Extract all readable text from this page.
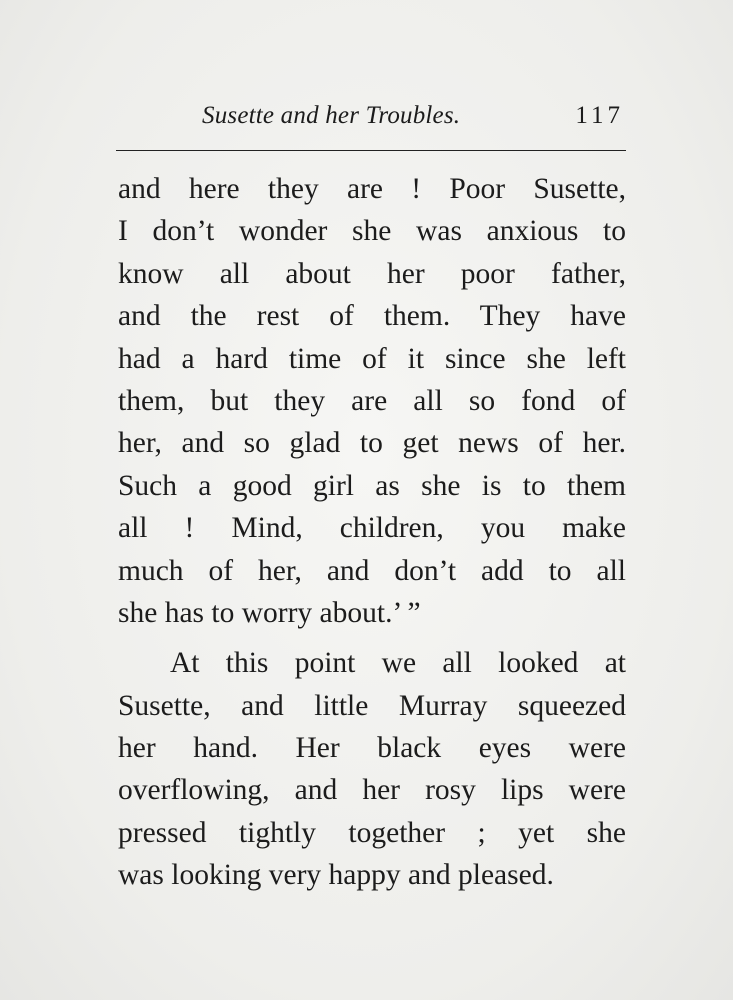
Susette and her Troubles.	117
and here they are ! Poor Susette,
I don’t wonder she was anxious to
know all about her poor father,
and the rest of them. They have
had a hard time of it since she left
them, but they are all so fond of
her, and so glad to get news of her.
Such a good girl as she is to them
all ! Mind, children, you make
much of her, and don’t add to all
she has to worry about.’ ”
At this point we all looked at
Susette, and little Murray squeezed
her hand. Her black eyes were
overflowing, and her rosy lips were
pressed tightly together ; yet she
was looking very happy and pleased.
